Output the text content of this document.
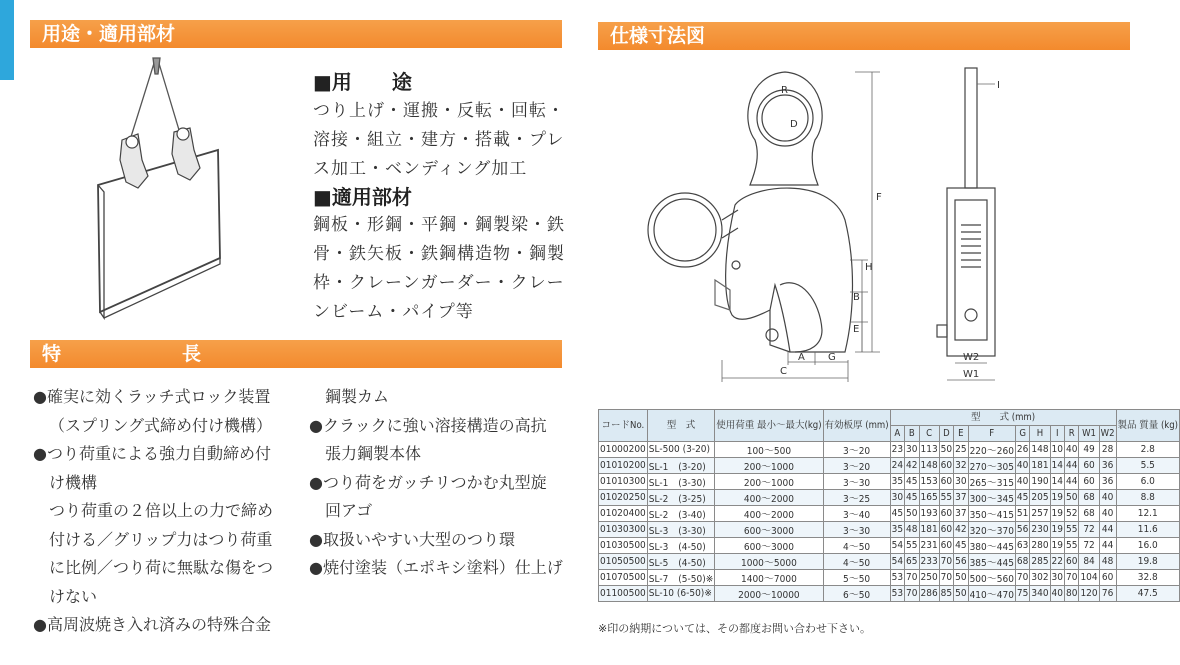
用途・適用部材
特　　　　　　長
仕様寸法図
■用　　途
つり上げ・運搬・反転・回転・
溶接・組立・建方・搭載・プレ
ス加工・ベンディング加工
■適用部材
鋼板・形鋼・平鋼・鋼製梁・鉄
骨・鉄矢板・鉄鋼構造物・鋼製
枠・クレーンガーダー・クレー
ンビーム・パイプ等
●確実に効くラッチ式ロック装置
（スプリング式締め付け機構）
●つり荷重による強力自動締め付
け機構
つり荷重の２倍以上の力で締め
付ける／グリップ力はつり荷重
に比例／つり荷に無駄な傷をつ
けない
●高周波焼き入れ済みの特殊合金
鋼製カム
●クラックに強い溶接構造の高抗
張力鋼製本体
●つり荷をガッチリつかむ丸型旋
回アゴ
●取扱いやすい大型のつり環
●焼付塗装（エポキシ塗料）仕上げ
R
D
F
H
B
E
A G
C
I
W2
W1
コードNo.	型　式	使用荷重 最小～最大(kg)	有効板厚 (mm)	型　　式 (mm)												製品 質量 (kg)
				A	B	C	D	E	F	G	H	I	R	W1	W2	
01000200	SL-500 (3-20)	100～500	3～20	23	30	113	50	25	220～260	26	148	10	40	49	28	2.8
01010200	SL-1　(3-20)	200～1000	3～20	24	42	148	60	32	270～305	40	181	14	44	60	36	5.5
01010300	SL-1　(3-30)	200～1000	3～30	35	45	153	60	30	265～315	40	190	14	44	60	36	6.0
01020250	SL-2　(3-25)	400～2000	3～25	30	45	165	55	37	300～345	45	205	19	50	68	40	8.8
01020400	SL-2　(3-40)	400～2000	3～40	45	50	193	60	37	350～415	51	257	19	52	68	40	12.1
01030300	SL-3　(3-30)	600～3000	3～30	35	48	181	60	42	320～370	56	230	19	55	72	44	11.6
01030500	SL-3　(4-50)	600～3000	4～50	54	55	231	60	45	380～445	63	280	19	55	72	44	16.0
01050500	SL-5　(4-50)	1000～5000	4～50	54	65	233	70	56	385～445	68	285	22	60	84	48	19.8
01070500	SL-7　(5-50)※	1400～7000	5～50	53	70	250	70	50	500～560	70	302	30	70	104	60	32.8
01100500	SL-10 (6-50)※	2000～10000	6～50	53	70	286	85	50	410～470	75	340	40	80	120	76	47.5
※印の納期については、その都度お問い合わせ下さい。
